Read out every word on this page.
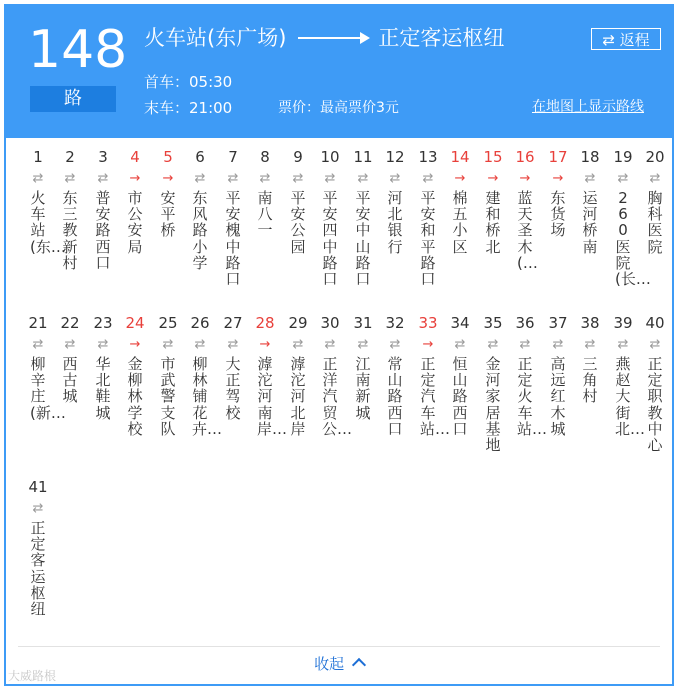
148
路
火车站(东广场)	正定客运枢纽
首车：05:30
末车：21:00	票价：最高票价3元
⇄ 返程
在地图上显示路线
1
⇄
火车站(东…
2
⇄
东三教新村
3
⇄
普安路西口
4
→
市公安局
5
→
安平桥
6
⇄
东风路小学
7
⇄
平安槐中路口
8
⇄
南八一
9
⇄
平安公园
10
⇄
平安四中路口
11
⇄
平安中山路口
12
⇄
河北银行
13
⇄
平安和平路口
14
→
棉五小区
15
→
建和桥北
16
→
蓝天圣木(…
17
→
东货场
18
⇄
运河桥南
19
⇄
260医院(长…
20
⇄
胸科医院
21
⇄
柳辛庄(新…
22
⇄
西古城
23
⇄
华北鞋城
24
→
金柳林学校
25
⇄
市武警支队
26
⇄
柳林铺花卉…
27
⇄
大正驾校
28
→
滹沱河南岸…
29
⇄
滹沱河北岸
30
⇄
正洋汽贸公…
31
⇄
江南新城
32
⇄
常山路西口
33
→
正定汽车站…
34
⇄
恒山路西口
35
⇄
金河家居基地
36
⇄
正定火车站…
37
⇄
高远红木城
38
⇄
三角村
39
⇄
燕赵大街北…
40
⇄
正定职教中心
41
⇄
正定客运枢纽
收起
大威路根
